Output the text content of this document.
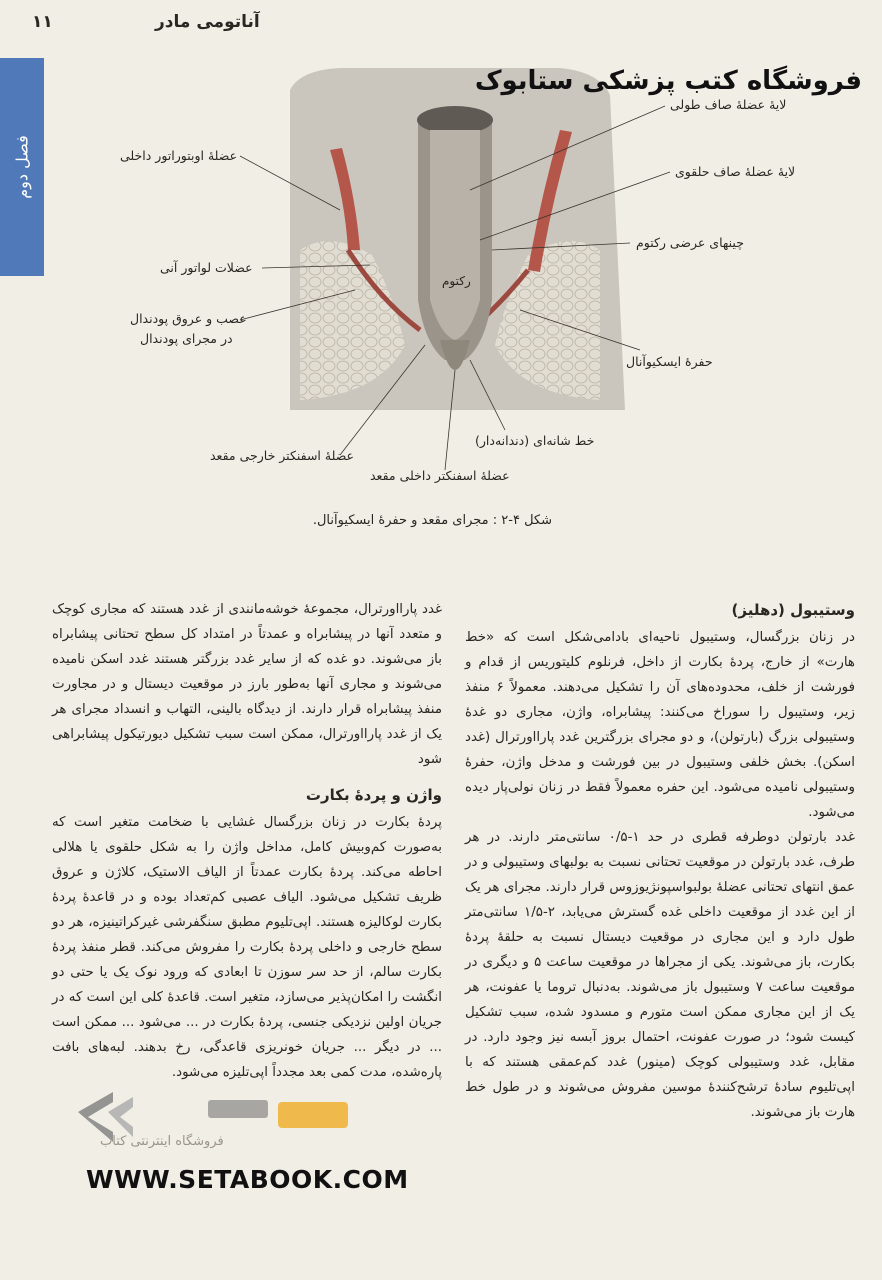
۱۱	آناتومی مادر
فصل دوم
لایهٔ عضلهٔ صاف طولی
لایهٔ عضلهٔ صاف حلقوی
چینهای عرضی رکتوم
حفرهٔ ایسکیوآنال
خط شانه‌ای (دندانه‌دار)
عضلهٔ اسفنکتر داخلی مقعد
عضلهٔ اسفنکتر خارجی مقعد
عصب و عروق پودندال
در مجرای پودندال
عضلات لواتور آنی
عضلهٔ اوبتوراتور داخلی
رکتوم
فروشگاه کتب پزشکی ستابوک
شکل ۴-۲ : مجرای مقعد و حفرهٔ ایسکیوآنال.
وستیبول (دهلیز)

در زنان بزرگسال، وستیبول ناحیه‌ای بادامی‌شکل است که «خط هارت» از خارج، پردهٔ بکارت از داخل، فرنلوم کلیتوریس از قدام و فورشت از خلف، محدوده‌های آن را تشکیل می‌دهند. معمولاً ۶ منفذ زیر، وستیبول را سوراخ می‌کنند: پیشابراه، واژن، مجاری دو غدهٔ وستیبولی بزرگ (بارتولن)، و دو مجرای بزرگترین غدد پارااورترال (غدد اسکن). بخش خلفی وستیبول در بین فورشت و مدخل واژن، حفرهٔ وستیبولی نامیده می‌شود. این حفره معمولاً فقط در زنان نولی‌پار دیده می‌شود.

غدد بارتولن دوطرفه قطری در حد ۱-۰/۵ سانتی‌متر دارند. در هر طرف، غدد بارتولن در موقعیت تحتانی نسبت به بولبهای وستیبولی و در عمق انتهای تحتانی عضلهٔ بولبواسپونژیوزوس قرار دارند. مجرای هر یک از این غدد از موقعیت داخلی غده گسترش می‌یابد، ۲-۱/۵ سانتی‌متر طول دارد و این مجاری در موقعیت دیستال نسبت به حلقهٔ پردهٔ بکارت، باز می‌شوند. یکی از مجراها در موقعیت ساعت ۵ و دیگری در موقعیت ساعت ۷ وستیبول باز می‌شوند. به‌دنبال تروما یا عفونت، هر یک از این مجاری ممکن است متورم و مسدود شده، سبب تشکیل کیست شود؛ در صورت عفونت، احتمال بروز آبسه نیز وجود دارد. در مقابل، غدد وستیبولی کوچک (مینور) غدد کم‌عمقی هستند که با اپی‌تلیوم سادهٔ ترشح‌کنندهٔ موسین مفروش می‌شوند و در طول خط هارت باز می‌شوند.

غدد پارااورترال، مجموعهٔ خوشه‌مانندی از غدد هستند که مجاری کوچک و متعدد آنها در پیشابراه و عمدتاً در امتداد کل سطح تحتانی پیشابراه باز می‌شوند. دو غده که از سایر غدد بزرگتر هستند غدد اسکن نامیده می‌شوند و مجاری آنها به‌طور بارز در موقعیت دیستال و در مجاورت منفذ پیشابراه قرار دارند. از دیدگاه بالینی، التهاب و انسداد مجرای هر یک از غدد پارااورترال، ممکن است سبب تشکیل دیورتیکول پیشابراهی شود

واژن و پردهٔ بکارت

پردهٔ بکارت در زنان بزرگسال غشایی با ضخامت متغیر است که به‌صورت کم‌وبیش کامل، مداخل واژن را به شکل حلقوی یا هلالی احاطه می‌کند. پردهٔ بکارت عمدتاً از الیاف الاستیک، کلاژن و عروق ظریف تشکیل می‌شود. الیاف عصبی کم‌تعداد بوده و در قاعدهٔ پردهٔ بکارت لوکالیزه هستند. اپی‌تلیوم مطبق سنگفرشی غیرکراتینیزه، هر دو سطح خارجی و داخلی پردهٔ بکارت را مفروش می‌کند. قطر منفذ پردهٔ بکارت سالم، از حد سر سوزن تا ابعادی که ورود نوک یک یا حتی دو انگشت را امکان‌پذیر می‌سازد، متغیر است. قاعدهٔ کلی این است که در جریان اولین نزدیکی جنسی، پردهٔ بکارت در ... می‌شود ... ممکن است ... در دیگر ... جریان خونریزی قاعدگی، رخ بدهند. لبه‌های بافت پاره‌شده، مدت کمی بعد مجدداً اپی‌تلیزه می‌شود.

فروشگاه اینترنتی کتاب
WWW.SETABOOK.COM
